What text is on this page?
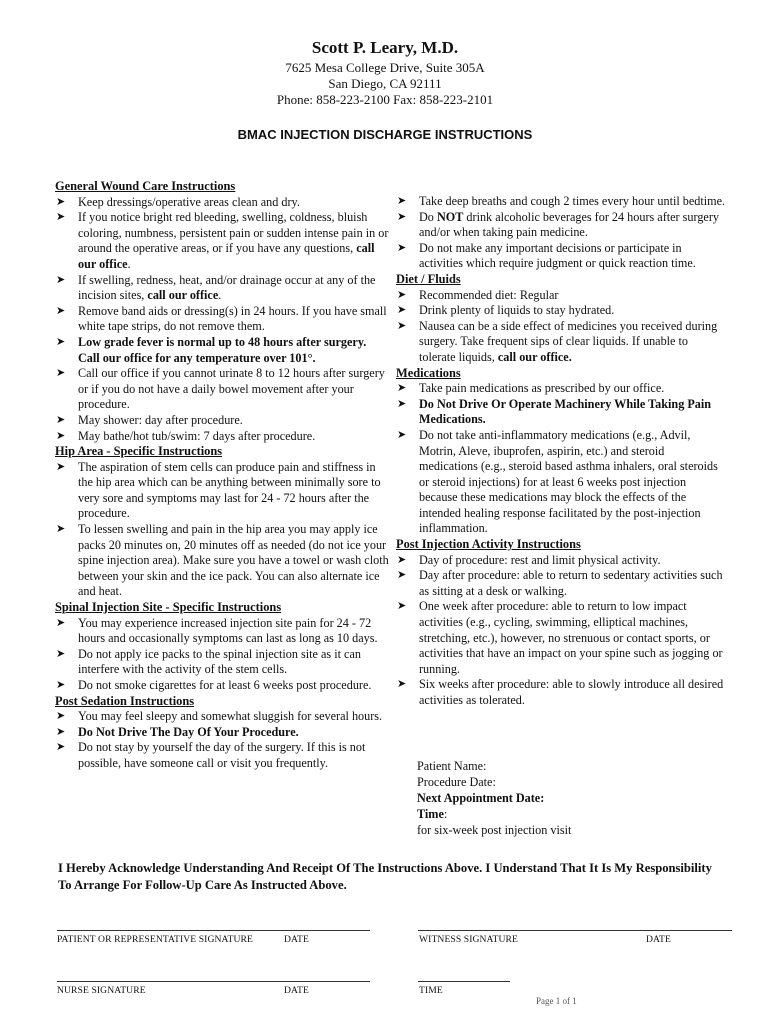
Scott P. Leary, M.D.
7625 Mesa College Drive, Suite 305A
San Diego, CA 92111
Phone: 858-223-2100 Fax: 858-223-2101
BMAC INJECTION DISCHARGE INSTRUCTIONS
General Wound Care Instructions
➤ Keep dressings/operative areas clean and dry.
➤ If you notice bright red bleeding, swelling, coldness, bluish coloring, numbness, persistent pain or sudden intense pain in or around the operative areas, or if you have any questions, call our office.
➤ If swelling, redness, heat, and/or drainage occur at any of the incision sites, call our office.
➤ Remove band aids or dressing(s) in 24 hours. If you have small white tape strips, do not remove them.
➤ Low grade fever is normal up to 48 hours after surgery. Call our office for any temperature over 101°.
➤ Call our office if you cannot urinate 8 to 12 hours after surgery or if you do not have a daily bowel movement after your procedure.
➤ May shower: day after procedure.
➤ May bathe/hot tub/swim: 7 days after procedure.
Hip Area - Specific Instructions
➤ The aspiration of stem cells can produce pain and stiffness in the hip area which can be anything between minimally sore to very sore and symptoms may last for 24 - 72 hours after the procedure.
➤ To lessen swelling and pain in the hip area you may apply ice packs 20 minutes on, 20 minutes off as needed (do not ice your spine injection area). Make sure you have a towel or wash cloth between your skin and the ice pack. You can also alternate ice and heat.
Spinal Injection Site - Specific Instructions
➤ You may experience increased injection site pain for 24 - 72 hours and occasionally symptoms can last as long as 10 days.
➤ Do not apply ice packs to the spinal injection site as it can interfere with the activity of the stem cells.
➤ Do not smoke cigarettes for at least 6 weeks post procedure.
Post Sedation Instructions
➤ You may feel sleepy and somewhat sluggish for several hours.
➤ Do Not Drive The Day Of Your Procedure.
➤ Do not stay by yourself the day of the surgery. If this is not possible, have someone call or visit you frequently.
➤ Take deep breaths and cough 2 times every hour until bedtime.
➤ Do NOT drink alcoholic beverages for 24 hours after surgery and/or when taking pain medicine.
➤ Do not make any important decisions or participate in activities which require judgment or quick reaction time.
Diet / Fluids
➤ Recommended diet: Regular
➤ Drink plenty of liquids to stay hydrated.
➤ Nausea can be a side effect of medicines you received during surgery. Take frequent sips of clear liquids. If unable to tolerate liquids, call our office.
Medications
➤ Take pain medications as prescribed by our office.
➤ Do Not Drive Or Operate Machinery While Taking Pain Medications.
➤ Do not take anti-inflammatory medications (e.g., Advil, Motrin, Aleve, ibuprofen, aspirin, etc.) and steroid medications (e.g., steroid based asthma inhalers, oral steroids or steroid injections) for at least 6 weeks post injection because these medications may block the effects of the intended healing response facilitated by the post-injection inflammation.
Post Injection Activity Instructions
➤ Day of procedure: rest and limit physical activity.
➤ Day after procedure: able to return to sedentary activities such as sitting at a desk or walking.
➤ One week after procedure: able to return to low impact activities (e.g., cycling, swimming, elliptical machines, stretching, etc.), however, no strenuous or contact sports, or activities that have an impact on your spine such as jogging or running.
➤ Six weeks after procedure: able to slowly introduce all desired activities as tolerated.
Patient Name:
Procedure Date:
Next Appointment Date:
Time:
for six-week post injection visit
I Hereby Acknowledge Understanding And Receipt Of The Instructions Above. I Understand That It Is My Responsibility To Arrange For Follow-Up Care As Instructed Above.
PATIENT OR REPRESENTATIVE SIGNATURE	DATE	WITNESS SIGNATURE	DATE
NURSE SIGNATURE	DATE	TIME
Page 1 of 1
